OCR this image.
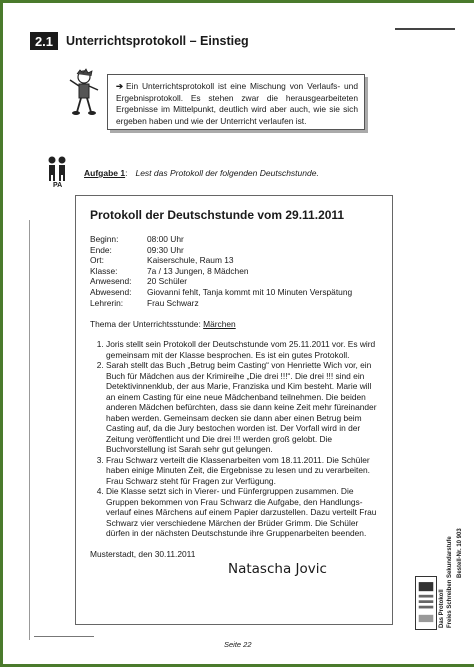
2.1	Unterrichtsprotokoll – Einstieg
➔ Ein Unterrichtsprotokoll ist eine Mischung von Verlaufs- und Ergebnisprotokoll. Es stehen zwar die herausgearbeiteten Ergebnisse im Mittelpunkt, deutlich wird aber auch, wie sie sich ergeben haben und wie der Unterricht verlaufen ist.
PA
Aufgabe 1: Lest das Protokoll der folgenden Deutschstunde.
Protokoll der Deutschstunde vom 29.11.2011
Beginn:	08:00 Uhr
Ende:	09:30 Uhr
Ort:	Kaiserschule, Raum 13
Klasse:	7a / 13 Jungen, 8 Mädchen
Anwesend:	20 Schüler
Abwesend:	Giovanni fehlt, Tanja kommt mit 10 Minuten Verspätung
Lehrerin:	Frau Schwarz
Thema der Unterrichtsstunde: Märchen
1. Joris stellt sein Protokoll der Deutschstunde vom 25.11.2011 vor. Es wird gemeinsam mit der Klasse besprochen. Es ist ein gutes Protokoll.
2. Sarah stellt das Buch „Betrug beim Casting“ von Henriette Wich vor, ein Buch für Mädchen aus der Krimireihe „Die drei !!!“. Die drei !!! sind ein Detektivinnenklub, der aus Marie, Franziska und Kim besteht. Marie will an einem Casting für eine neue Mädchenband teilnehmen. Die beiden anderen Mädchen befürchten, dass sie dann keine Zeit mehr füreinander haben werden. Gemeinsam decken sie dann aber einen Betrug beim Casting auf, da die Jury bestochen worden ist. Der Vorfall wird in der Zeitung veröffentlicht und Die drei !!! werden groß gelobt. Die Buchvorstellung ist Sarah sehr gut gelungen.
3. Frau Schwarz verteilt die Klassenarbeiten vom 18.11.2011. Die Schüler haben einige Minuten Zeit, die Ergebnisse zu lesen und zu verarbeiten. Frau Schwarz steht für Fragen zur Verfügung.
4. Die Klasse setzt sich in Vierer- und Fünfergruppen zusammen. Die Gruppen bekommen von Frau Schwarz die Aufgabe, den Handlungsverlauf eines Märchens auf einem Papier darzustellen. Dazu verteilt Frau Schwarz vier verschiedene Märchen der Brüder Grimm. Die Schüler dürfen in der nächsten Deutschstunde ihre Gruppenarbeiten beenden.
Musterstadt, den 30.11.2011
Natascha Jovic
Seite 22
Das Protokoll Freies Schreiben Sekundarstufe Bestell-Nr. 10 903
